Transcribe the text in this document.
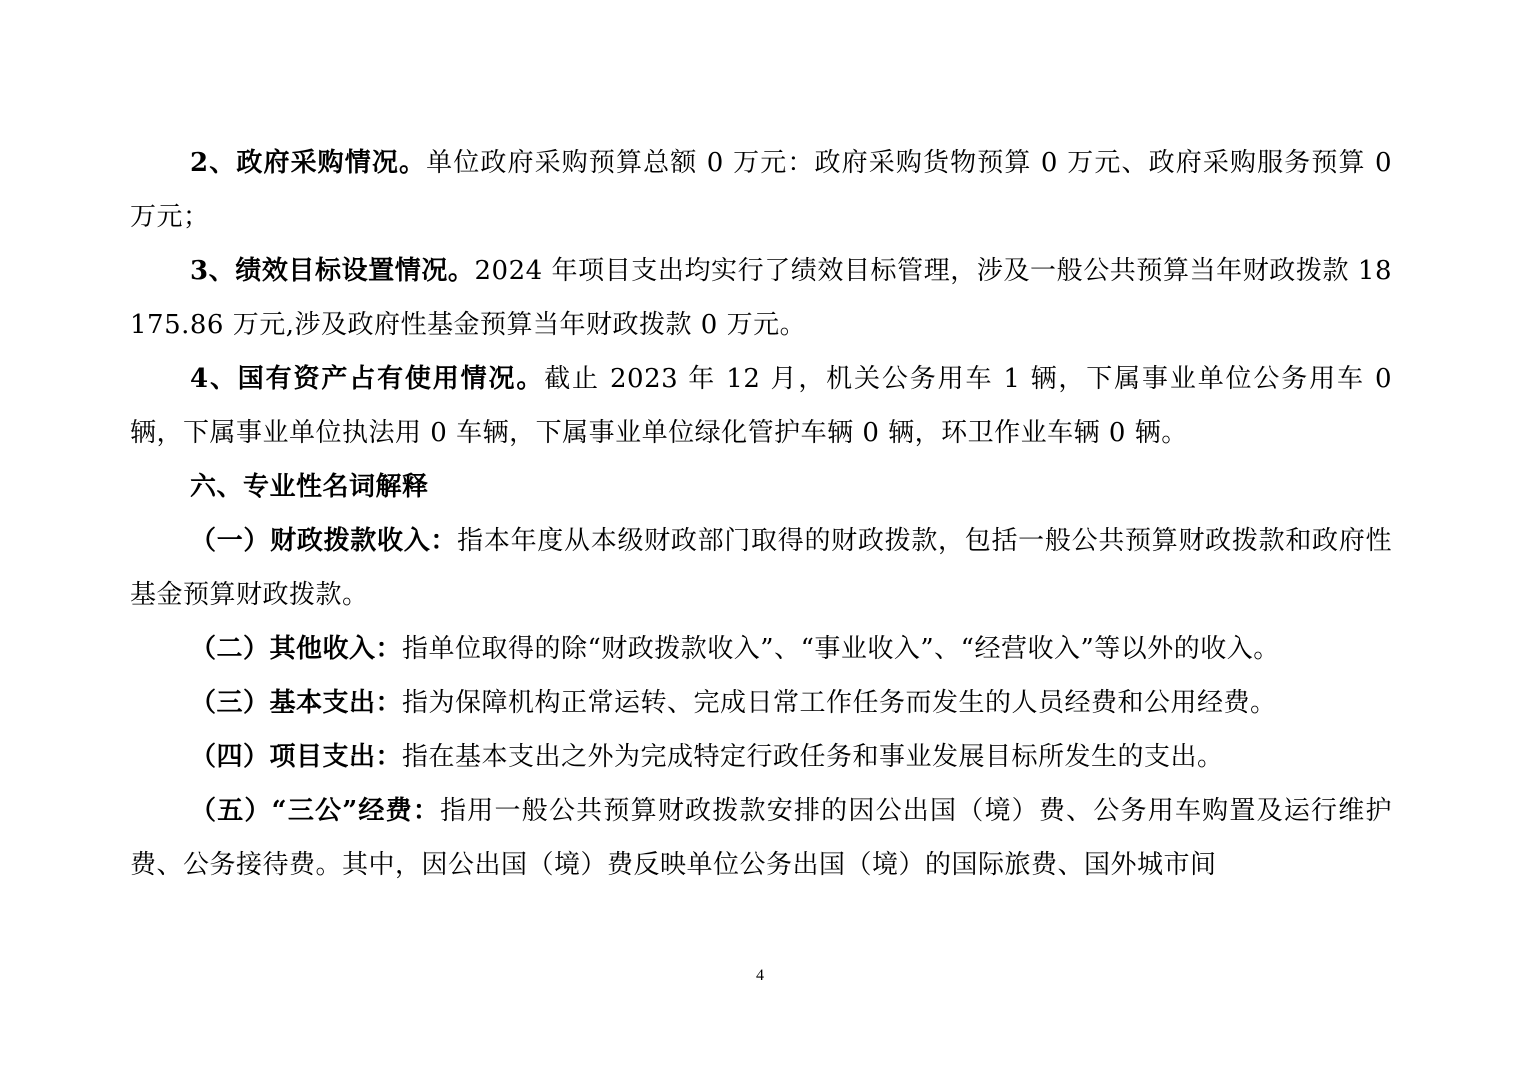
2、政府采购情况。单位政府采购预算总额 0 万元：政府采购货物预算 0 万元、政府采购服务预算 0 万元；

3、绩效目标设置情况。2024 年项目支出均实行了绩效目标管理，涉及一般公共预算当年财政拨款 18175.86 万元,涉及政府性基金预算当年财政拨款 0 万元。

4、国有资产占有使用情况。截止 2023 年 12 月，机关公务用车 1 辆，下属事业单位公务用车 0 辆，下属事业单位执法用 0 车辆，下属事业单位绿化管护车辆 0 辆，环卫作业车辆 0 辆。

六、专业性名词解释

（一）财政拨款收入：指本年度从本级财政部门取得的财政拨款，包括一般公共预算财政拨款和政府性基金预算财政拨款。

（二）其他收入：指单位取得的除“财政拨款收入”、“事业收入”、“经营收入”等以外的收入。

（三）基本支出：指为保障机构正常运转、完成日常工作任务而发生的人员经费和公用经费。

（四）项目支出：指在基本支出之外为完成特定行政任务和事业发展目标所发生的支出。

（五）“三公”经费：指用一般公共预算财政拨款安排的因公出国（境）费、公务用车购置及运行维护费、公务接待费。其中，因公出国（境）费反映单位公务出国（境）的国际旅费、国外城市间

4
